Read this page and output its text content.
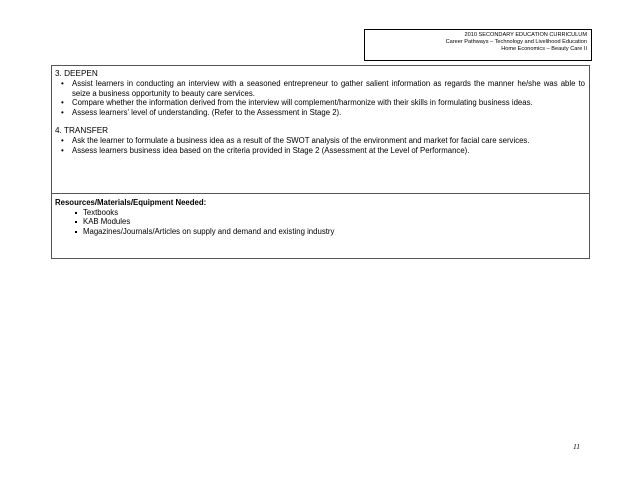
2010 SECONDARY EDUCATION CURRICULUM
Career Pathways – Technology and Livelihood Education
Home Economics – Beauty Care II
3. DEEPEN
• Assist learners in conducting an interview with a seasoned entrepreneur to gather salient information as regards the manner he/she was able to seize a business opportunity to beauty care services.
• Compare whether the information derived from the interview will complement/harmonize with their skills in formulating business ideas.
• Assess learners' level of understanding. (Refer to the Assessment in Stage 2).
4. TRANSFER
• Ask the learner to formulate a business idea as a result of the SWOT analysis of the environment and market for facial care services.
• Assess learners business idea based on the criteria provided in Stage 2 (Assessment at the Level of Performance).
Resources/Materials/Equipment Needed:
Textbooks
KAB Modules
Magazines/Journals/Articles on supply and demand and existing industry
11
